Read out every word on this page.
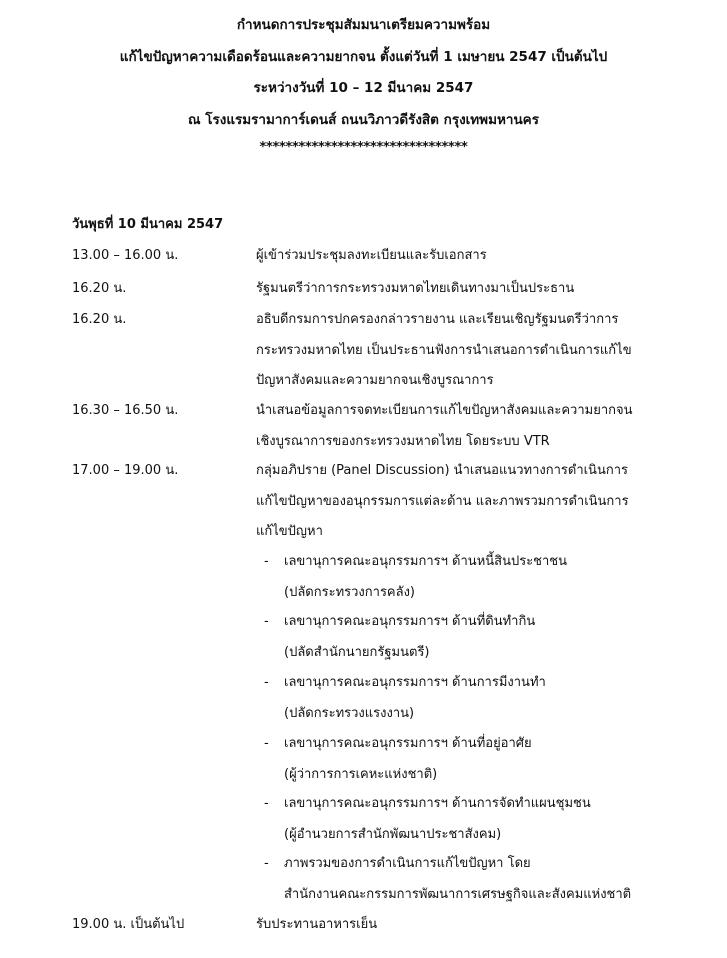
กำหนดการประชุมสัมมนาเตรียมความพร้อม
แก้ไขปัญหาความเดือดร้อนและความยากจน ตั้งแต่วันที่ 1 เมษายน 2547 เป็นต้นไป
ระหว่างวันที่ 10 – 12 มีนาคม 2547
ณ โรงแรมรามาการ์เดนส์ ถนนวิภาวดีรังสิต กรุงเทพมหานคร
********************************
วันพุธที่ 10 มีนาคม 2547
13.00 – 16.00 น.	ผู้เข้าร่วมประชุมลงทะเบียนและรับเอกสาร
16.20 น.	รัฐมนตรีว่าการกระทรวงมหาดไทยเดินทางมาเป็นประธาน
16.20 น.	อธิบดีกรมการปกครองกล่าวรายงาน และเรียนเชิญรัฐมนตรีว่าการ
กระทรวงมหาดไทย เป็นประธานฟังการนำเสนอการดำเนินการแก้ไข
ปัญหาสังคมและความยากจนเชิงบูรณาการ
16.30 – 16.50 น.	นำเสนอข้อมูลการจดทะเบียนการแก้ไขปัญหาสังคมและความยากจน
เชิงบูรณาการของกระทรวงมหาดไทย โดยระบบ VTR
17.00 – 19.00 น.	กลุ่มอภิปราย (Panel Discussion) นำเสนอแนวทางการดำเนินการ
แก้ไขปัญหาของอนุกรรมการแต่ละด้าน และภาพรวมการดำเนินการ
แก้ไขปัญหา
- เลขานุการคณะอนุกรรมการฯ ด้านหนี้สินประชาชน
(ปลัดกระทรวงการคลัง)
- เลขานุการคณะอนุกรรมการฯ ด้านที่ดินทำกิน
(ปลัดสำนักนายกรัฐมนตรี)
- เลขานุการคณะอนุกรรมการฯ ด้านการมีงานทำ
(ปลัดกระทรวงแรงงาน)
- เลขานุการคณะอนุกรรมการฯ ด้านที่อยู่อาศัย
(ผู้ว่าการการเคหะแห่งชาติ)
- เลขานุการคณะอนุกรรมการฯ ด้านการจัดทำแผนชุมชน
(ผู้อำนวยการสำนักพัฒนาประชาสังคม)
- ภาพรวมของการดำเนินการแก้ไขปัญหา โดย
สำนักงานคณะกรรมการพัฒนาการเศรษฐกิจและสังคมแห่งชาติ
19.00 น. เป็นต้นไป	รับประทานอาหารเย็น
